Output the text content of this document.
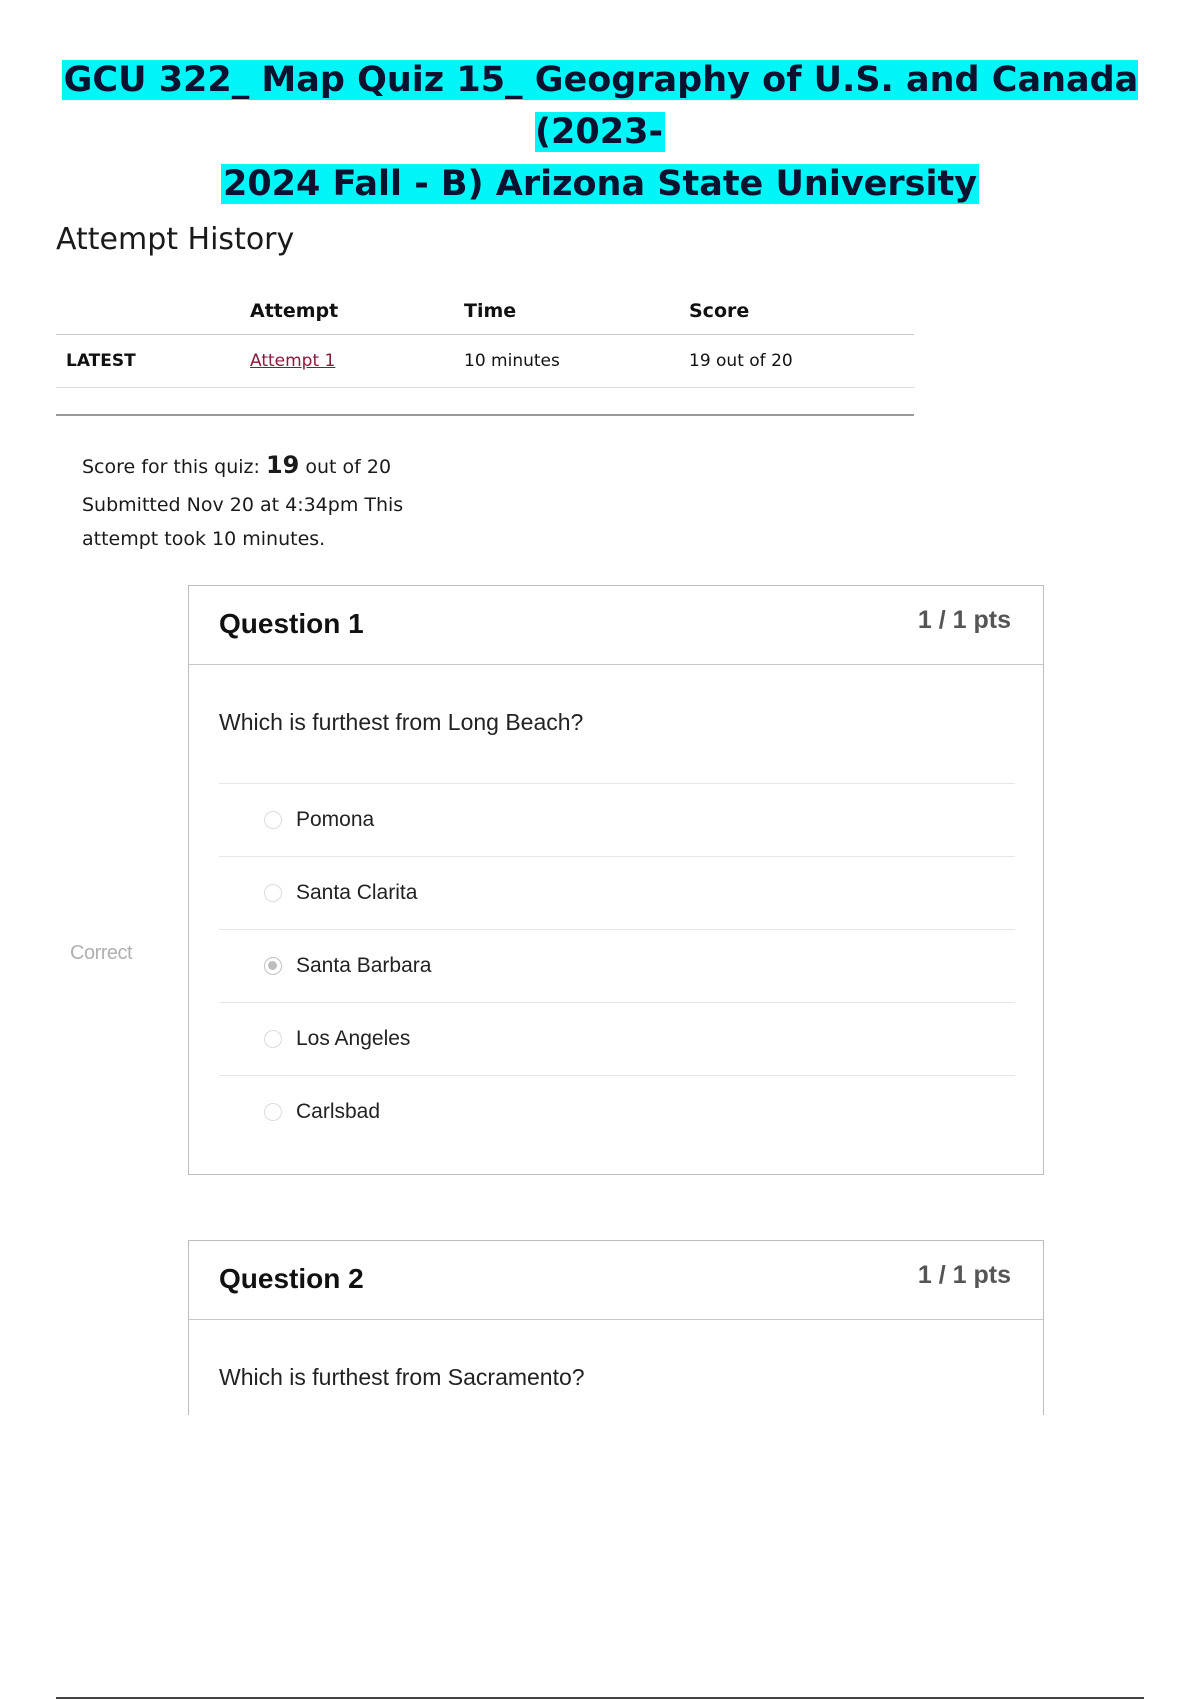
GCU 322_ Map Quiz 15_ Geography of U.S. and Canada (2023-
2024 Fall - B) Arizona State University
Attempt History
	Attempt	Time	Score
LATEST	Attempt 1	10 minutes	19 out of 20

Score for this quiz: 19 out of 20

Submitted Nov 20 at 4:34pm This

attempt took 10 minutes.

Correct
Question 1	1 / 1 pts
Which is furthest from Long Beach?
Pomona
Santa Clarita
Santa Barbara
Los Angeles
Carlsbad
Question 2	1 / 1 pts
Which is furthest from Sacramento?
